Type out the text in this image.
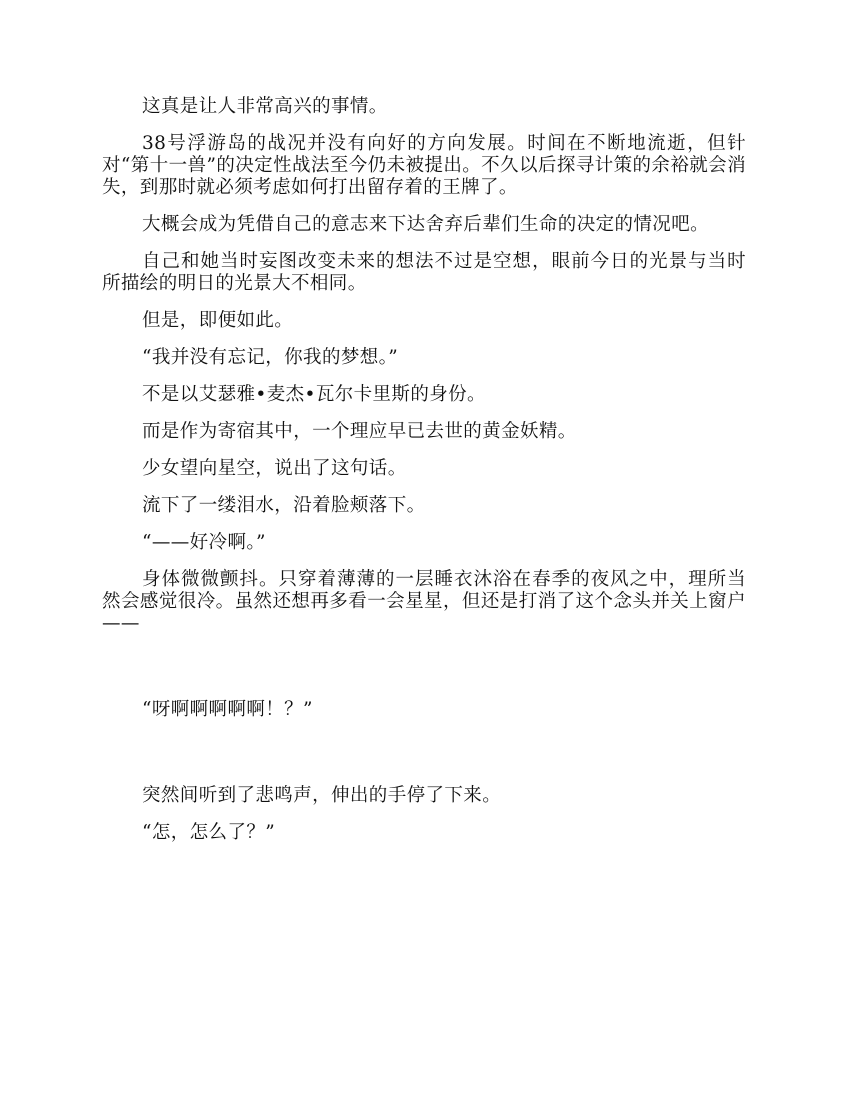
这真是让人非常高兴的事情。

38号浮游岛的战况并没有向好的方向发展。时间在不断地流逝，但针对“第十一兽”的决定性战法至今仍未被提出。不久以后探寻计策的余裕就会消失，到那时就必须考虑如何打出留存着的王牌了。

大概会成为凭借自己的意志来下达舍弃后辈们生命的决定的情况吧。

自己和她当时妄图改变未来的想法不过是空想，眼前今日的光景与当时所描绘的明日的光景大不相同。

但是，即便如此。

“我并没有忘记，你我的梦想。”

不是以艾瑟雅•麦杰•瓦尔卡里斯的身份。

而是作为寄宿其中，一个理应早已去世的黄金妖精。

少女望向星空，说出了这句话。

流下了一缕泪水，沿着脸颊落下。

“——好冷啊。”

身体微微颤抖。只穿着薄薄的一层睡衣沐浴在春季的夜风之中，理所当然会感觉很冷。虽然还想再多看一会星星，但还是打消了这个念头并关上窗户——

“呀啊啊啊啊啊！？”

突然间听到了悲鸣声，伸出的手停了下来。

“怎，怎么了？”
